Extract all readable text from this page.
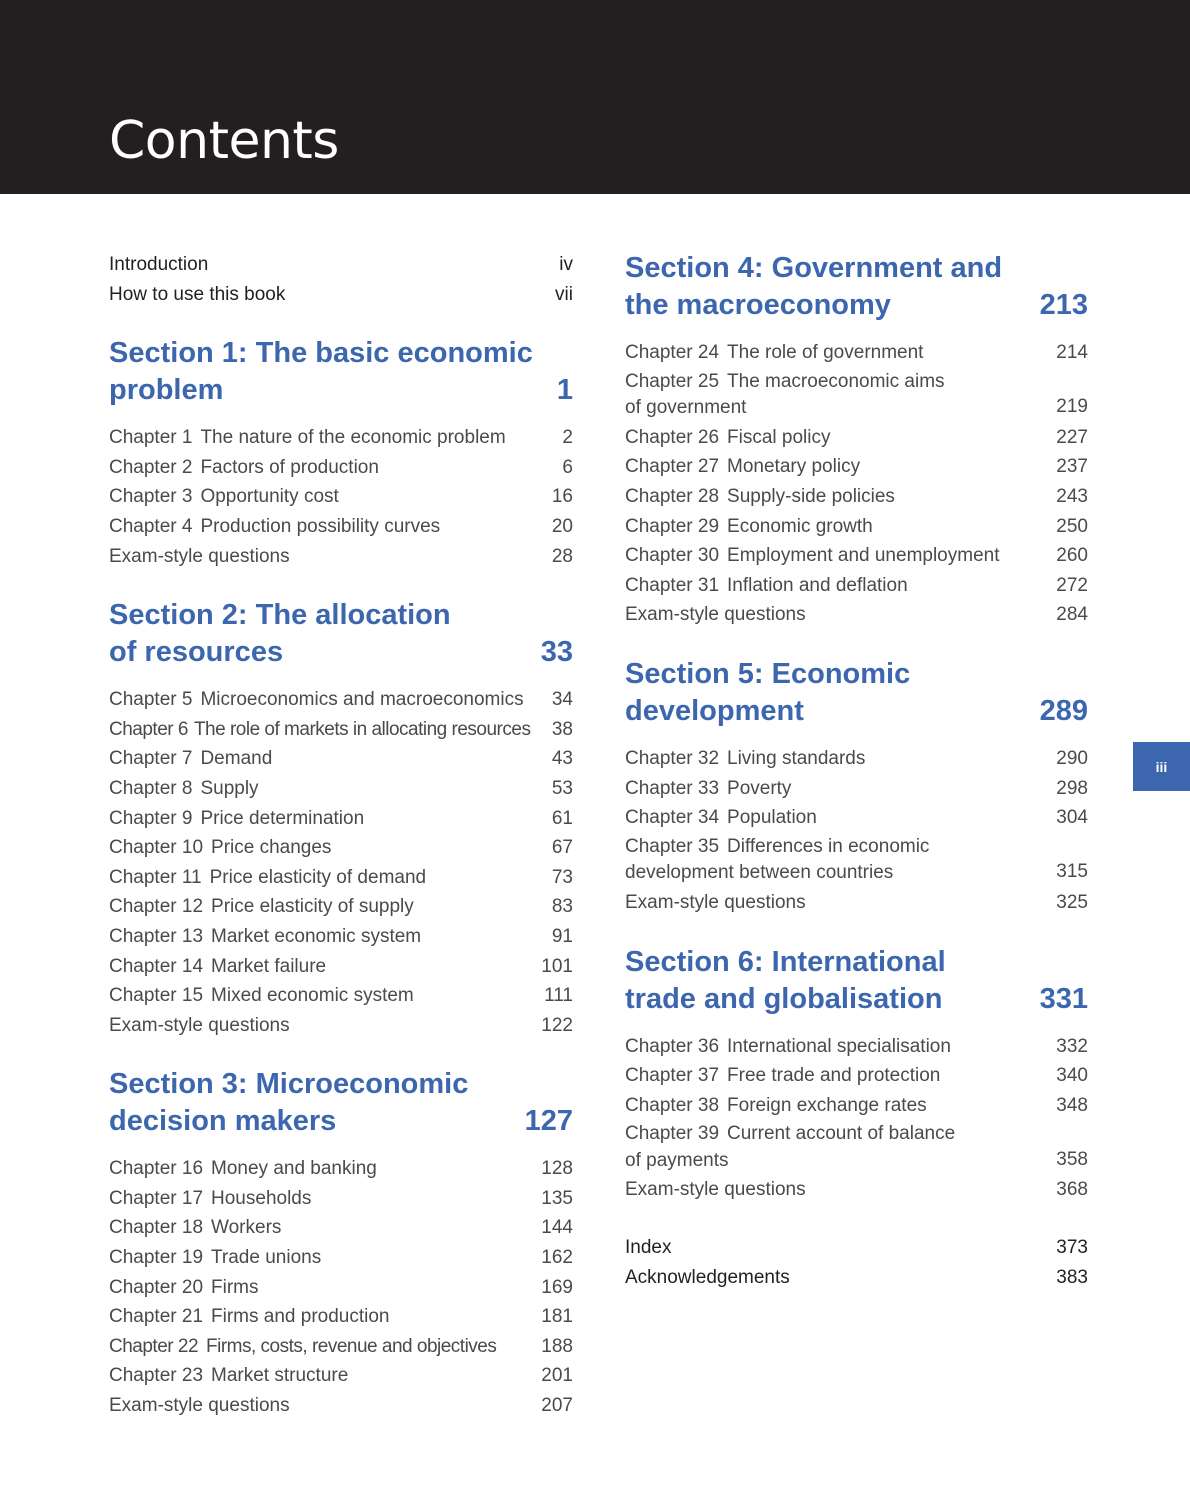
Contents
Introduction	iv
How to use this book	vii
Section 1: The basic economic
problem	1
Chapter 1 The nature of the economic problem	2
Chapter 2 Factors of production	6
Chapter 3 Opportunity cost	16
Chapter 4 Production possibility curves	20
Exam-style questions	28
Section 2: The allocation
of resources	33
Chapter 5 Microeconomics and macroeconomics	34
Chapter 6 The role of markets in allocating resources	38
Chapter 7 Demand	43
Chapter 8 Supply	53
Chapter 9 Price determination	61
Chapter 10 Price changes	67
Chapter 11 Price elasticity of demand	73
Chapter 12 Price elasticity of supply	83
Chapter 13 Market economic system	91
Chapter 14 Market failure	101
Chapter 15 Mixed economic system	111
Exam-style questions	122
Section 3: Microeconomic
decision makers	127
Chapter 16 Money and banking	128
Chapter 17 Households	135
Chapter 18 Workers	144
Chapter 19 Trade unions	162
Chapter 20 Firms	169
Chapter 21 Firms and production	181
Chapter 22 Firms, costs, revenue and objectives	188
Chapter 23 Market structure	201
Exam-style questions	207
Section 4: Government and
the macroeconomy	213
Chapter 24 The role of government	214
Chapter 25 The macroeconomic aims
of government	219
Chapter 26 Fiscal policy	227
Chapter 27 Monetary policy	237
Chapter 28 Supply-side policies	243
Chapter 29 Economic growth	250
Chapter 30 Employment and unemployment	260
Chapter 31 Inflation and deflation	272
Exam-style questions	284
Section 5: Economic
development	289
Chapter 32 Living standards	290
Chapter 33 Poverty	298
Chapter 34 Population	304
Chapter 35 Differences in economic
development between countries	315
Exam-style questions	325
Section 6: International
trade and globalisation	331
Chapter 36 International specialisation	332
Chapter 37 Free trade and protection	340
Chapter 38 Foreign exchange rates	348
Chapter 39 Current account of balance
of payments	358
Exam-style questions	368
Index	373
Acknowledgements	383
iii
